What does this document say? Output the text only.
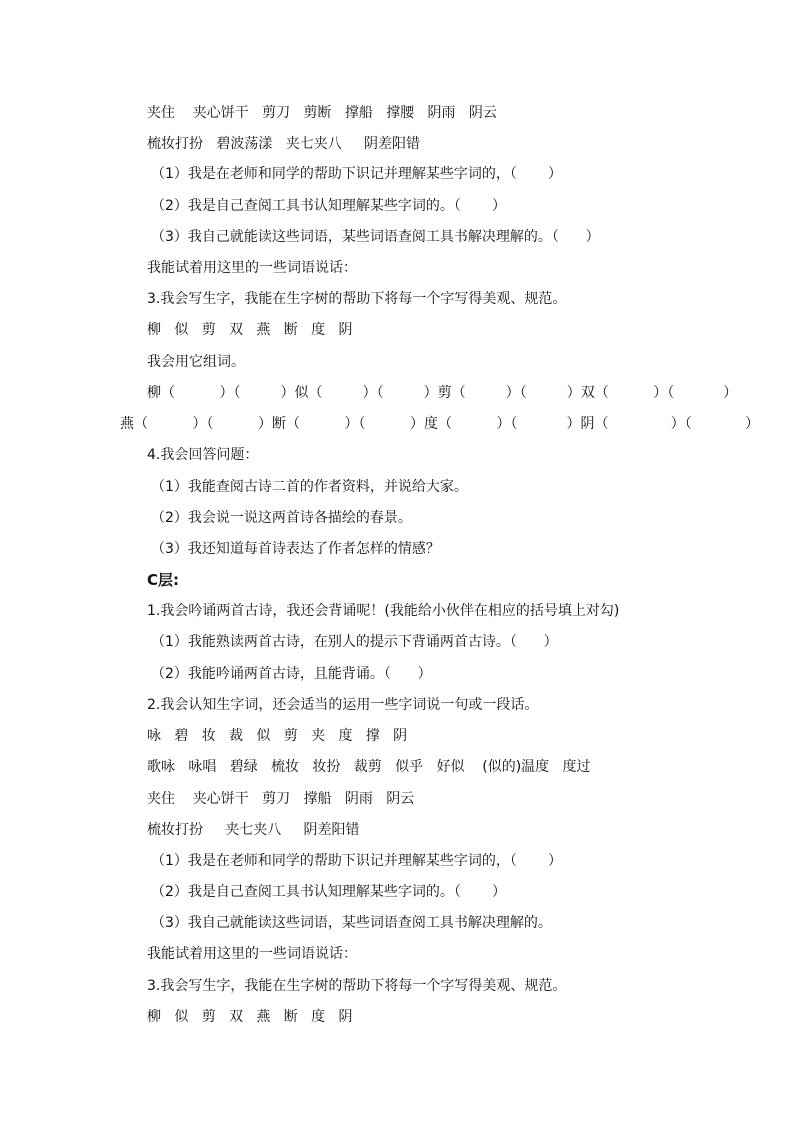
夹住    夹心饼干   剪刀   剪断   撑船   撑腰   阴雨   阴云
梳妆打扮   碧波荡漾   夹七夹八     阴差阳错
（1）我是在老师和同学的帮助下识记并理解某些字词的，（       ）
（2）我是自己查阅工具书认知理解某些字词的。（       ）
（3）我自己就能读这些词语，某些词语查阅工具书解决理解的。（      ）
我能试着用这里的一些词语说话：
3.我会写生字，我能在生字树的帮助下将每一个字写得美观、规范。
柳   似   剪   双   燕   断   度   阴
我会用它组词。
柳（          ）（         ）似（         ）（         ）剪（         ）（         ）双（          ）（           ）
燕（          ）（          ）断（          ）（          ）度（          ）（           ）阴（              ）（            ）
4.我会回答问题：
（1）我能查阅古诗二首的作者资料，并说给大家。
（2）我会说一说这两首诗各描绘的春景。
（3）我还知道每首诗表达了作者怎样的情感？
C层:
1.我会吟诵两首古诗，我还会背诵呢！(我能给小伙伴在相应的括号填上对勾)
（1）我能熟读两首古诗，在别人的提示下背诵两首古诗。（      ）
（2）我能吟诵两首古诗，且能背诵。（      ）
2.我会认知生字词，还会适当的运用一些字词说一句或一段话。
咏   碧   妆   裁   似   剪   夹   度   撑   阴
歌咏   咏唱   碧绿   梳妆   妆扮   裁剪   似乎   好似    (似的)温度   度过
夹住    夹心饼干   剪刀   撑船   阴雨   阴云
梳妆打扮     夹七夹八     阴差阳错
（1）我是在老师和同学的帮助下识记并理解某些字词的，（       ）
（2）我是自己查阅工具书认知理解某些字词的。（       ）
（3）我自己就能读这些词语，某些词语查阅工具书解决理解的。
我能试着用这里的一些词语说话：
3.我会写生字，我能在生字树的帮助下将每一个字写得美观、规范。
柳   似   剪   双   燕   断   度   阴
